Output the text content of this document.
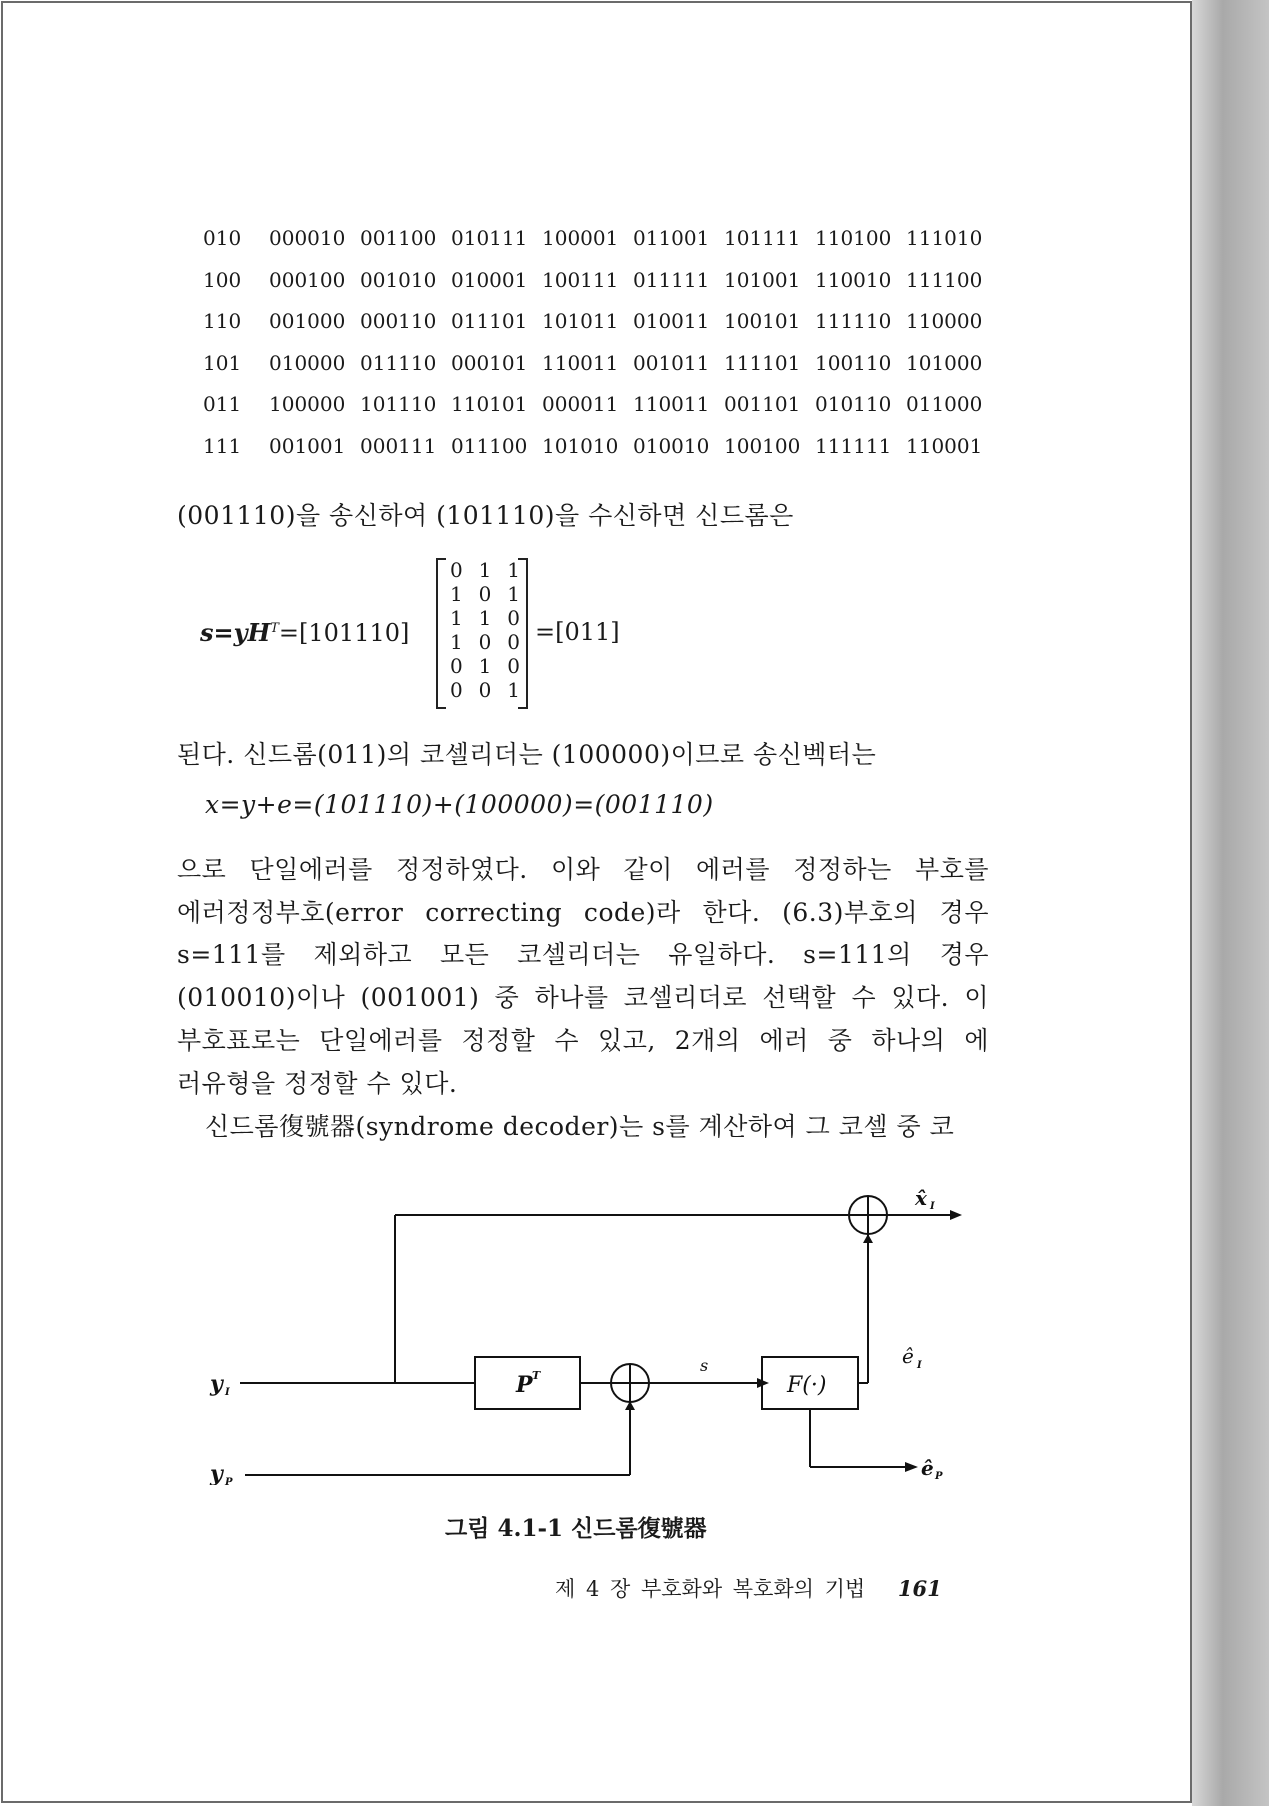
010	000010 001100 010111 100001 011001 101111 110100 111010
100	000100 001010 010001 100111 011111 101001 110010 111100
110	001000 000110 011101 101011 010011 100101 111110 110000
101	010000 011110 000101 110011 001011 111101 100110 101000
011	100000 101110 110101 000011 110011 001101 010110 011000
111	001001 000111 011100 101010 010010 100100 111111 110001
(001110)을 송신하여 (101110)을 수신하면 신드롬은
$s=yH^T=[101110]$
0 1 1
1 0 1
1 1 0
1 0 0
0 1 0
0 0 1
=[011]
된다. 신드롬(011)의 코셀리더는 (100000)이므로 송신벡터는
x=y+e=(101110)+(100000)=(001110)
으로 단일에러를 정정하였다. 이와 같이 에러를 정정하는 부호를
에러정정부호(error correcting code)라 한다. (6.3)부호의 경우
s=111를 제외하고 모든 코셀리더는 유일하다. s=111의 경우
(010010)이나 (001001) 중 하나를 코셀리더로 선택할 수 있다. 이
부호표로는 단일에러를 정정할 수 있고, 2개의 에러 중 하나의 에
러유형을 정정할 수 있다.
신드롬復號器(syndrome decoder)는 s를 계산하여 그 코셀 중 코
y I
y P
P T
s
F(·)
ê I
ê P
x̂ I
그림 4.1-1 신드롬復號器
제 4 장 부호화와 복호화의 기법 161
